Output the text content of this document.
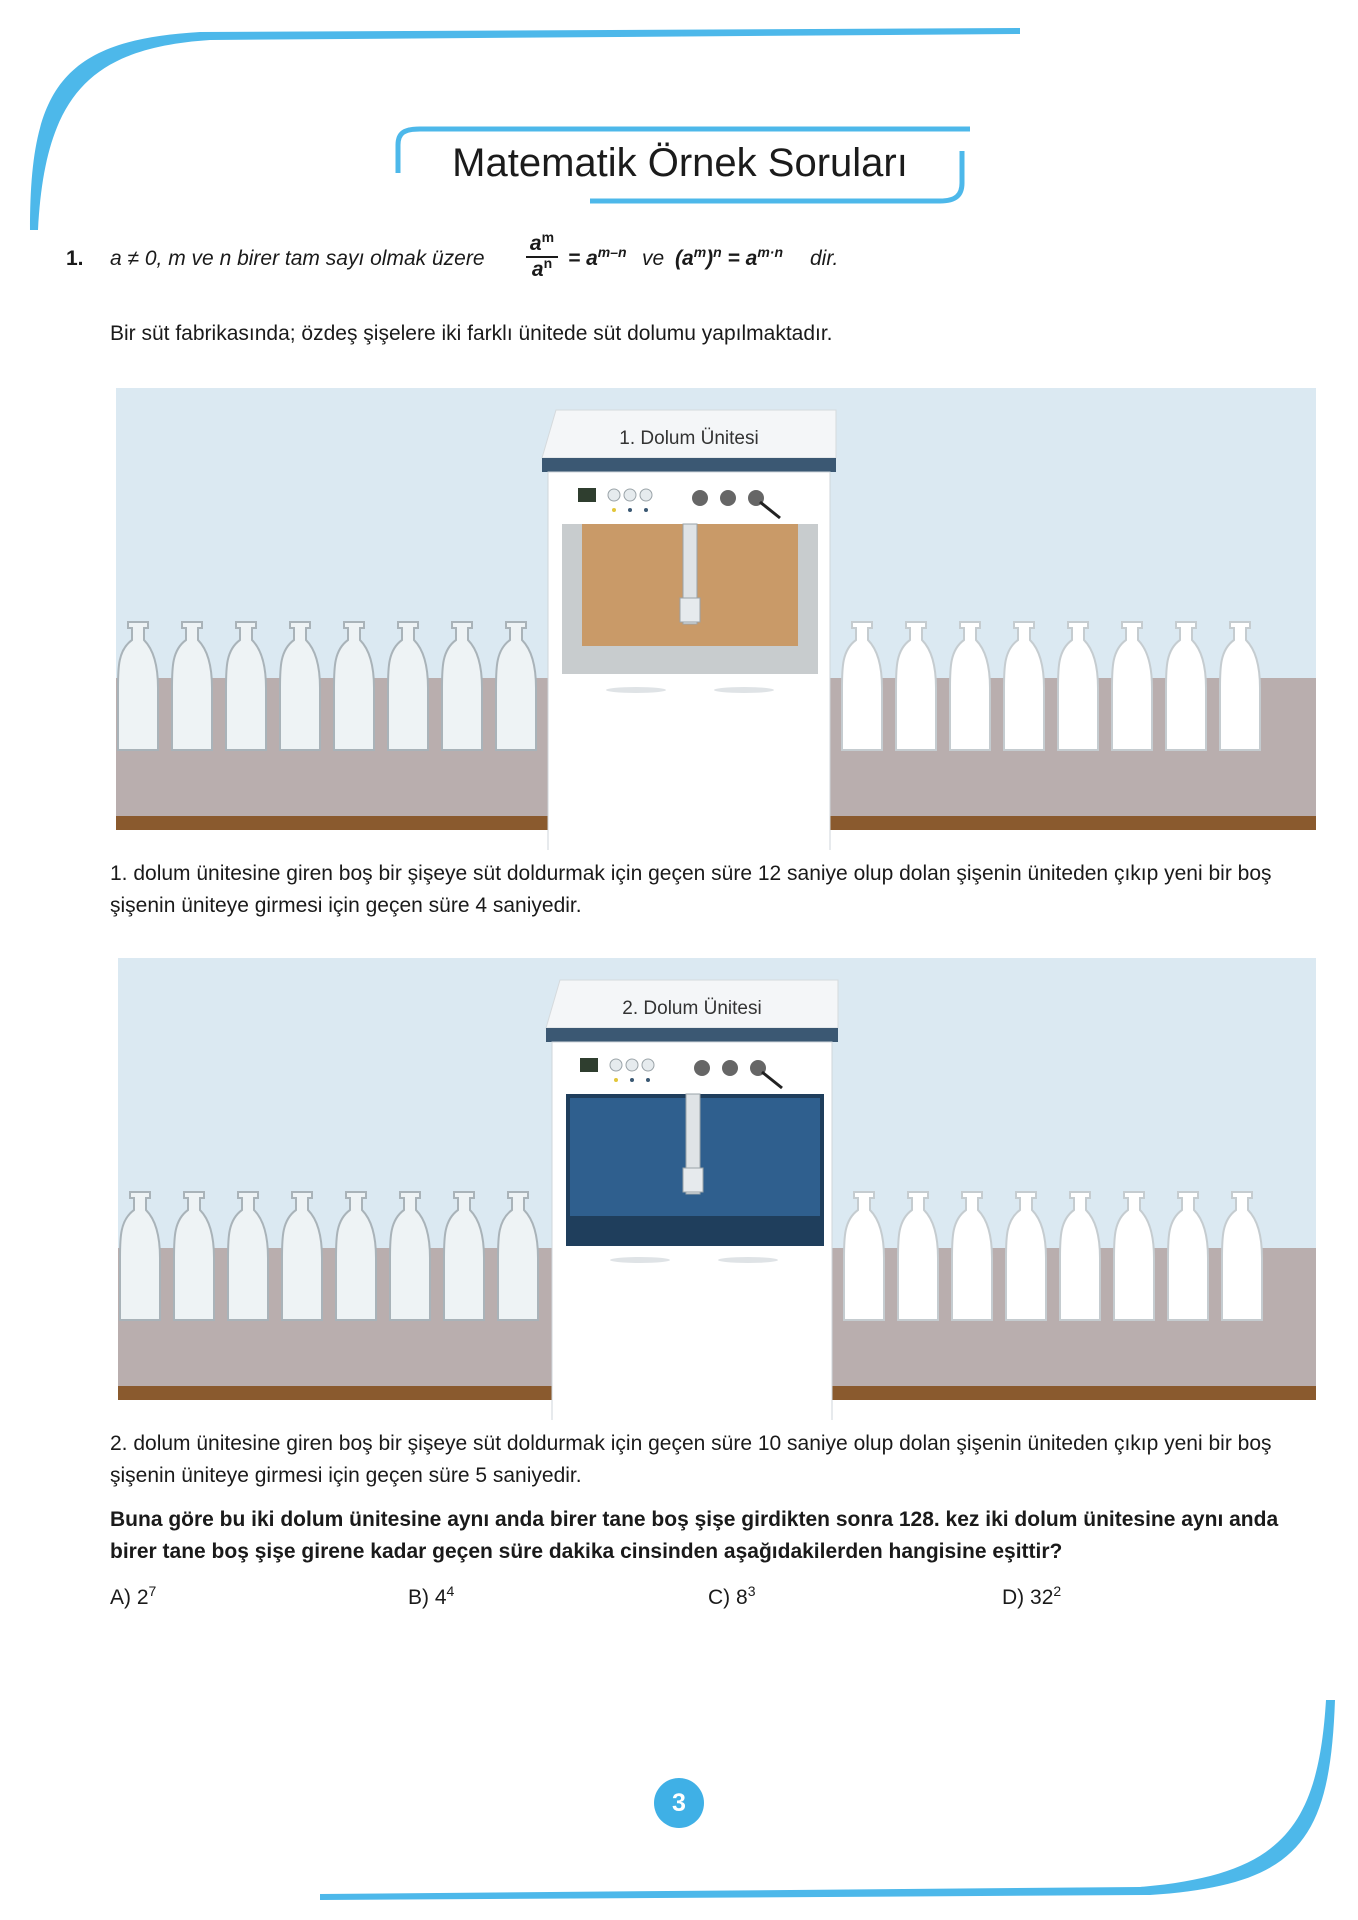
Matematik Örnek Soruları
1. a ≠ 0, m ve n birer tam sayı olmak üzere
$a^m$
$a^n = a^{m-n}$ ve $(a^m)^n = a^{m\cdot n}$ dir.
Bir süt fabrikasında; özdeş şişelere iki farklı ünitede süt dolumu yapılmaktadır.
1. Dolum Ünitesi
1. dolum ünitesine giren boş bir şişeye süt doldurmak için geçen süre 12 saniye olup dolan şişenin üniteden çıkıp yeni bir boş şişenin üniteye girmesi için geçen süre 4 saniyedir.
2. Dolum Ünitesi
2. dolum ünitesine giren boş bir şişeye süt doldurmak için geçen süre 10 saniye olup dolan şişenin üniteden çıkıp yeni bir boş şişenin üniteye girmesi için geçen süre 5 saniyedir.
Buna göre bu iki dolum ünitesine aynı anda birer tane boş şişe girdikten sonra 128. kez iki dolum ünitesine aynı anda birer tane boş şişe girene kadar geçen süre dakika cinsinden aşağıdakilerden hangisine eşittir?
A) $2^7$	B) $4^4$	C) $8^3$	D) $32^2$
3
